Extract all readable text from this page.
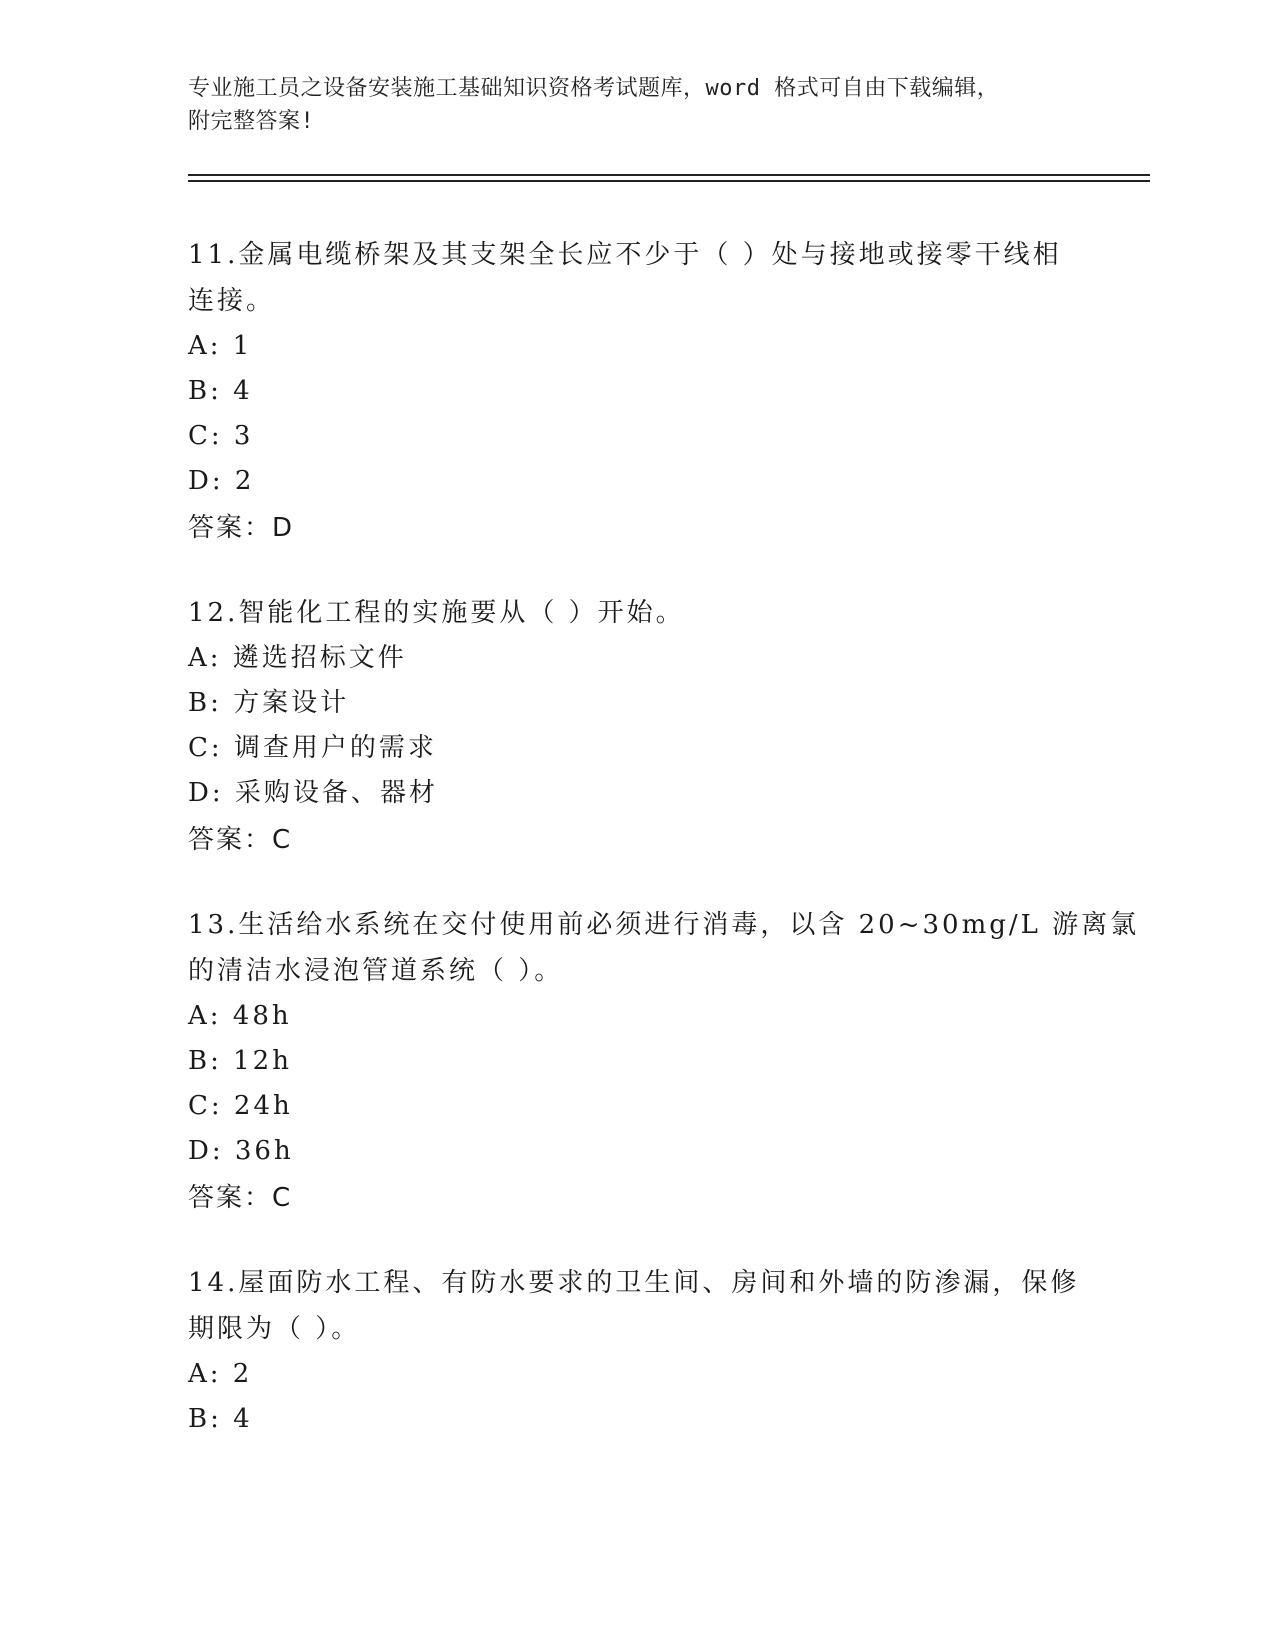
专业施工员之设备安装施工基础知识资格考试题库，word 格式可自由下载编辑，
附完整答案!
11.金属电缆桥架及其支架全长应不少于（ ）处与接地或接零干线相
连接。
A: 1
B: 4
C: 3
D: 2
答案：D
12.智能化工程的实施要从（ ）开始。
A: 遴选招标文件
B: 方案设计
C: 调查用户的需求
D: 采购设备、器材
答案：C
13.生活给水系统在交付使用前必须进行消毒，以含 20~30mg/L 游离氯
的清洁水浸泡管道系统（ ）。
A: 48h
B: 12h
C: 24h
D: 36h
答案：C
14.屋面防水工程、有防水要求的卫生间、房间和外墙的防渗漏，保修
期限为（ ）。
A: 2
B: 4
